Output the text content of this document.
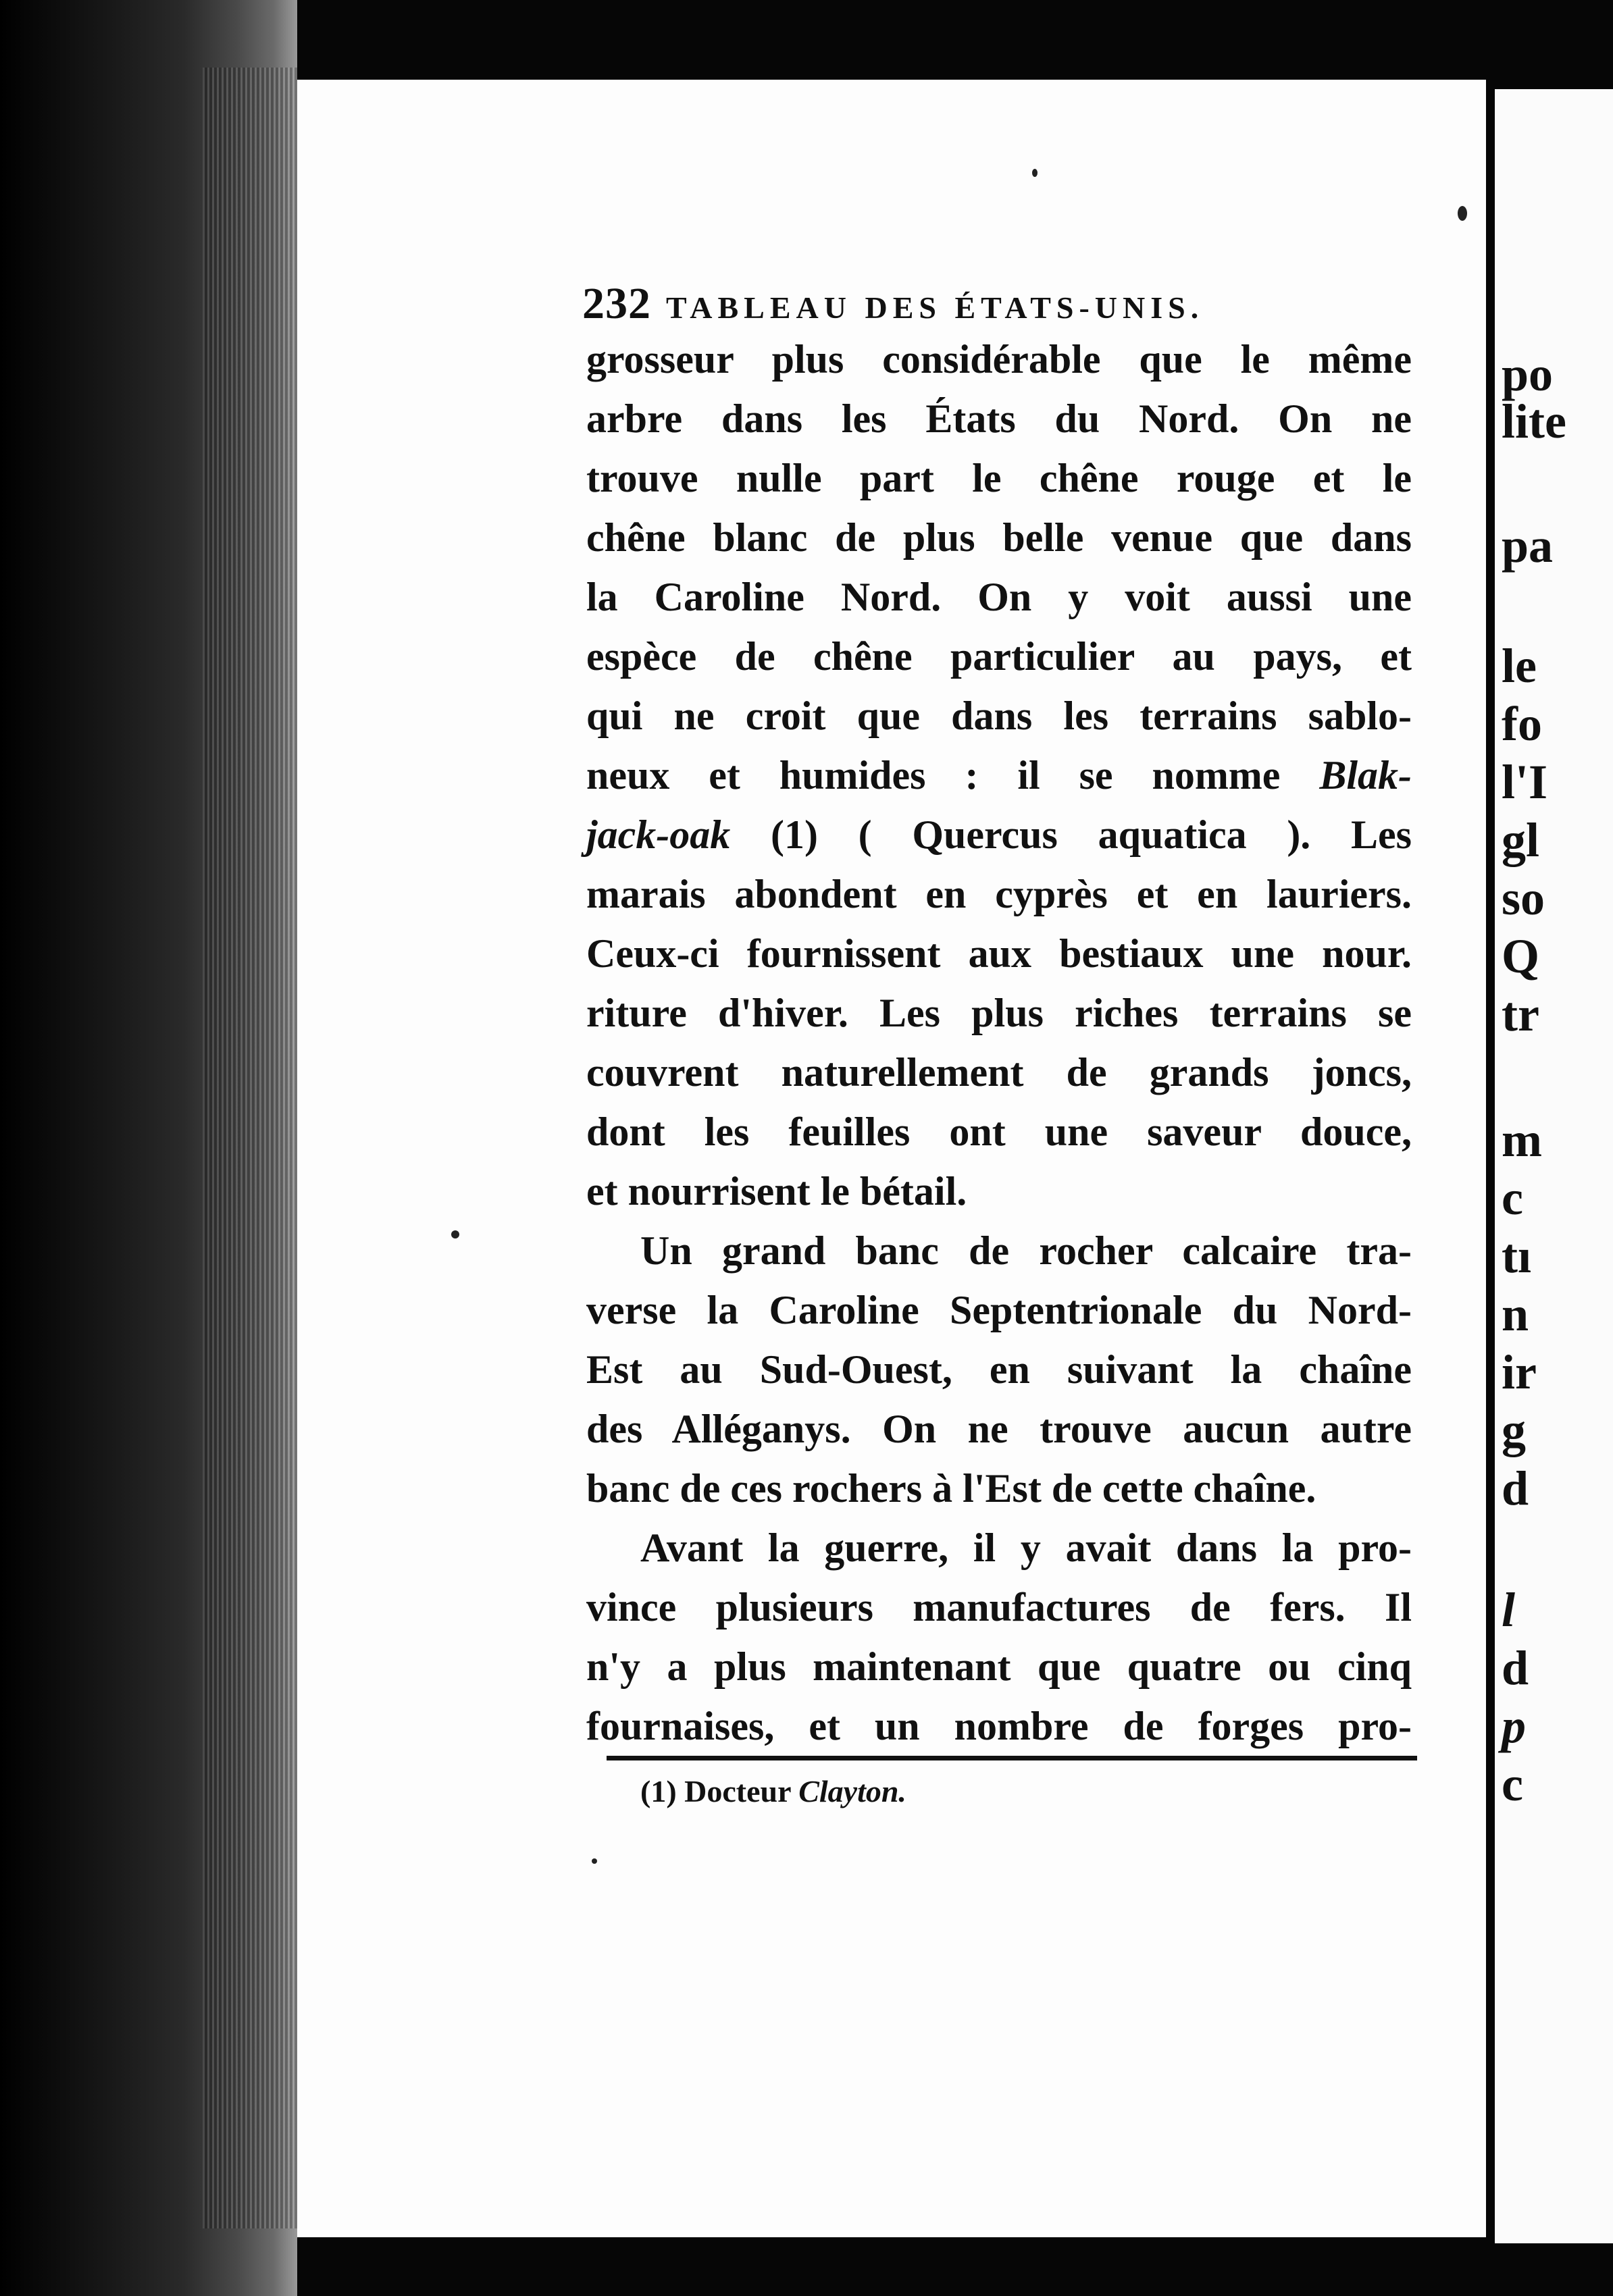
po
lite
pa
le
fo
l'I
gl
so
Q
tr
m
c
tı
n
ir
g
d
l
d
p
c
232 TABLEAU DES ÉTATS-UNIS.
grosseur plus considérable que le même
arbre dans les États du Nord. On ne
trouve nulle part le chêne rouge et le
chêne blanc de plus belle venue que dans
la Caroline Nord. On y voit aussi une
espèce de chêne particulier au pays, et
qui ne croit que dans les terrains sablo-
neux et humides : il se nomme Blak-
jack-oak (1) ( Quercus aquatica ). Les
marais abondent en cyprès et en lauriers.
Ceux-ci fournissent aux bestiaux une nour.
riture d'hiver. Les plus riches terrains se
couvrent naturellement de grands joncs,
dont les feuilles ont une saveur douce,
et nourrisent le bétail.
Un grand banc de rocher calcaire tra-
verse la Caroline Septentrionale du Nord-
Est au Sud-Ouest, en suivant la chaîne
des Alléganys. On ne trouve aucun autre
banc de ces rochers à l'Est de cette chaîne.
Avant la guerre, il y avait dans la pro-
vince plusieurs manufactures de fers. Il
n'y a plus maintenant que quatre ou cinq
fournaises, et un nombre de forges pro-
(1) Docteur Clayton.
